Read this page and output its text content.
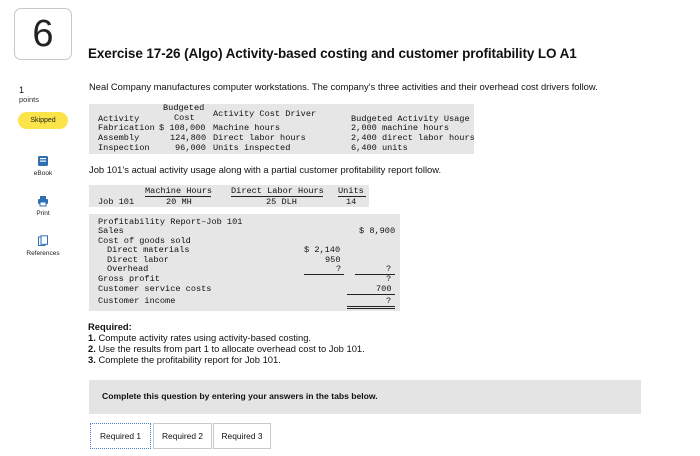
6
1
points
Skipped
eBook
Print
References
Exercise 17-26 (Algo) Activity-based costing and customer profitability LO A1
Neal Company manufactures computer workstations. The company’s three activities and their overhead cost drivers follow.
Budgeted
Activity	Cost Activity Cost Driver	Budgeted Activity Usage
Fabrication $ 108,000 Machine hours	2,000 machine hours
Assembly	124,800 Direct labor hours	2,400 direct labor hours
Inspection	96,000 Units inspected	6,400 units
Job 101’s actual activity usage along with a partial customer profitability report follow.
Machine Hours Direct Labor Hours Units
Job 101	20 MH	25 DLH	14
Profitability Report–Job 101
Sales	$ 8,900
Cost of goods sold
Direct materials	$ 2,140
Direct labor	950
Overhead	?	?
Gross profit	?
Customer service costs	700
Customer income	?
Required:
1. Compute activity rates using activity-based costing.
2. Use the results from part 1 to allocate overhead cost to Job 101.
3. Complete the profitability report for Job 101.
Complete this question by entering your answers in the tabs below.
Required 1	Required 2	Required 3
